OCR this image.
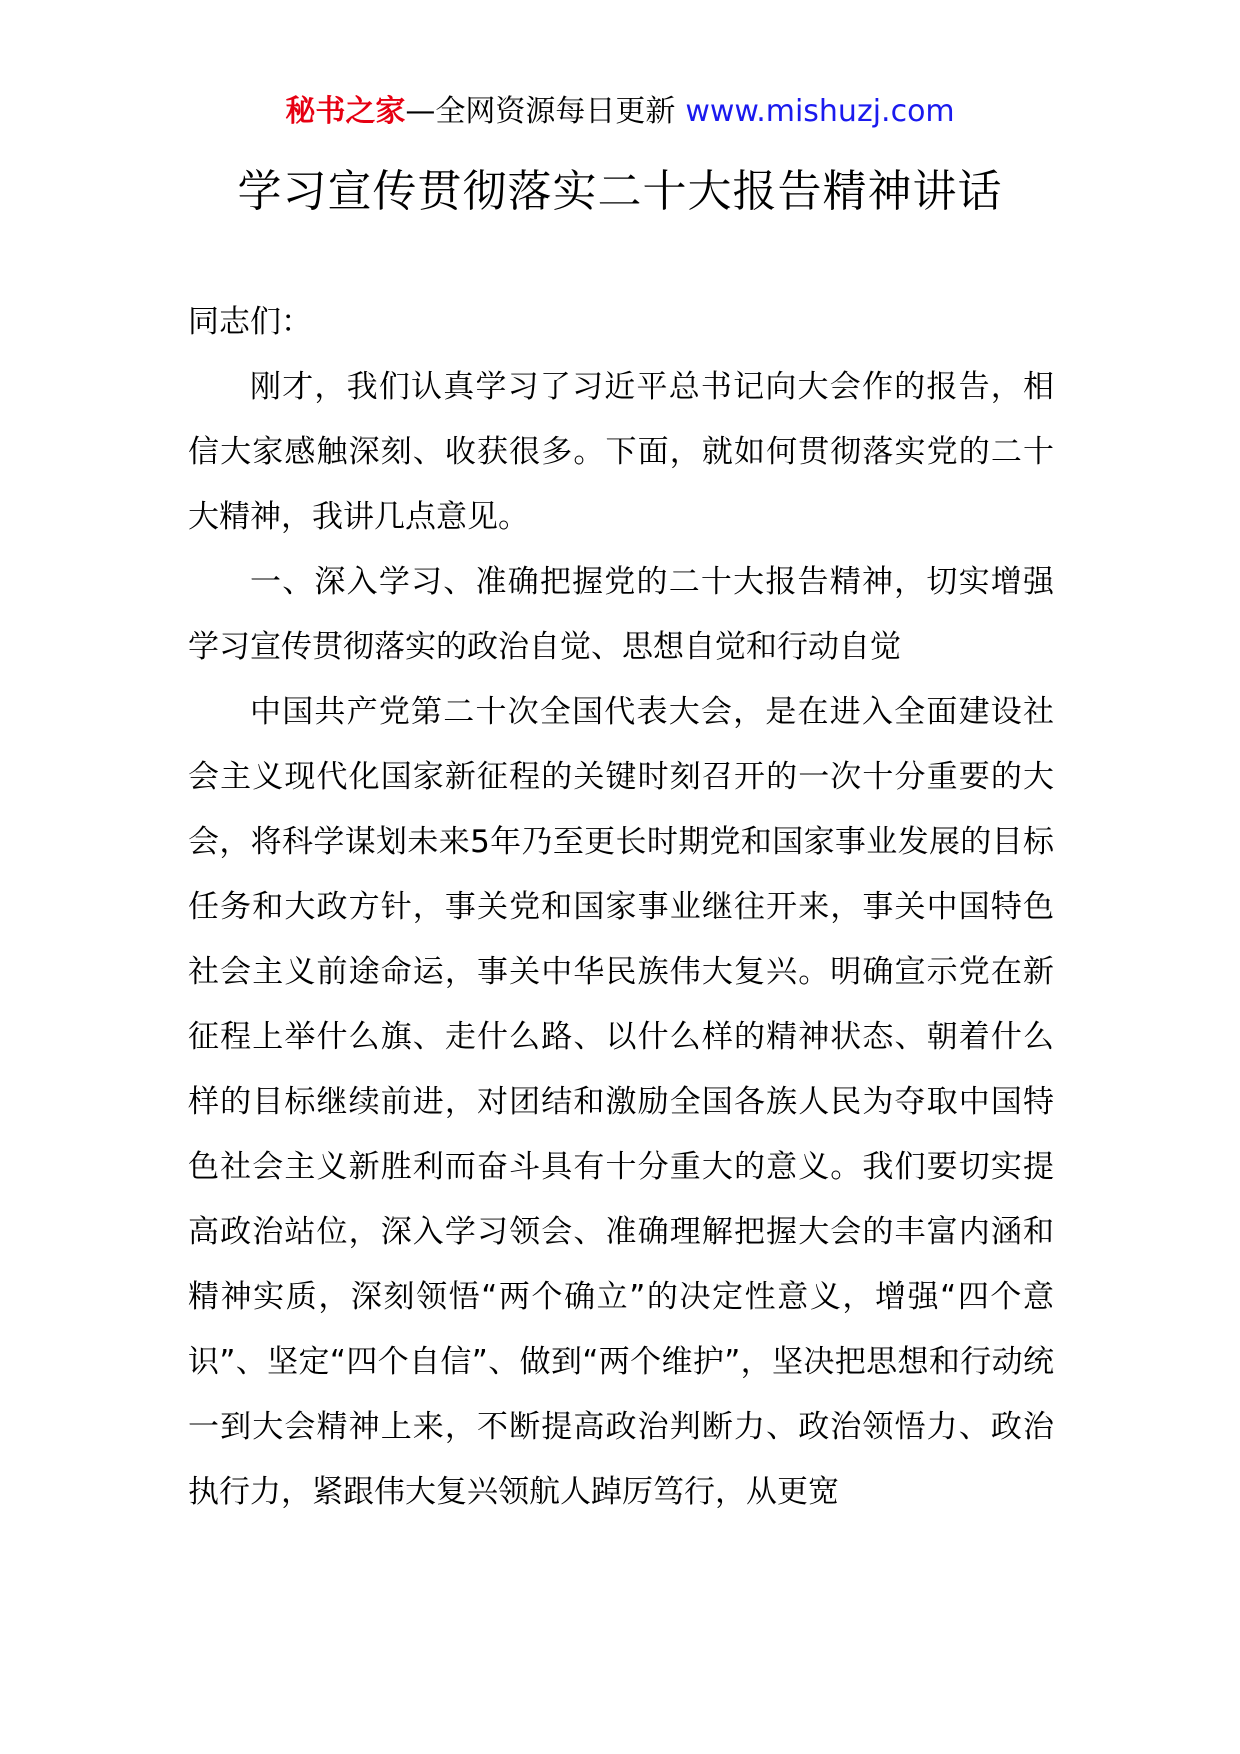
秘书之家—全网资源每日更新 www.mishuzj.com
学习宣传贯彻落实二十大报告精神讲话

同志们：

刚才，我们认真学习了习近平总书记向大会作的报告，相信大家感触深刻、收获很多。下面，就如何贯彻落实党的二十大精神，我讲几点意见。

一、深入学习、准确把握党的二十大报告精神，切实增强学习宣传贯彻落实的政治自觉、思想自觉和行动自觉

中国共产党第二十次全国代表大会，是在进入全面建设社会主义现代化国家新征程的关键时刻召开的一次十分重要的大会，将科学谋划未来5年乃至更长时期党和国家事业发展的目标任务和大政方针，事关党和国家事业继往开来，事关中国特色社会主义前途命运，事关中华民族伟大复兴。明确宣示党在新征程上举什么旗、走什么路、以什么样的精神状态、朝着什么样的目标继续前进，对团结和激励全国各族人民为夺取中国特色社会主义新胜利而奋斗具有十分重大的意义。我们要切实提高政治站位，深入学习领会、准确理解把握大会的丰富内涵和精神实质，深刻领悟“两个确立”的决定性意义，增强“四个意识”、坚定“四个自信”、做到“两个维护”，坚决把思想和行动统一到大会精神上来，不断提高政治判断力、政治领悟力、政治执行力，紧跟伟大复兴领航人踔厉笃行，从更宽
